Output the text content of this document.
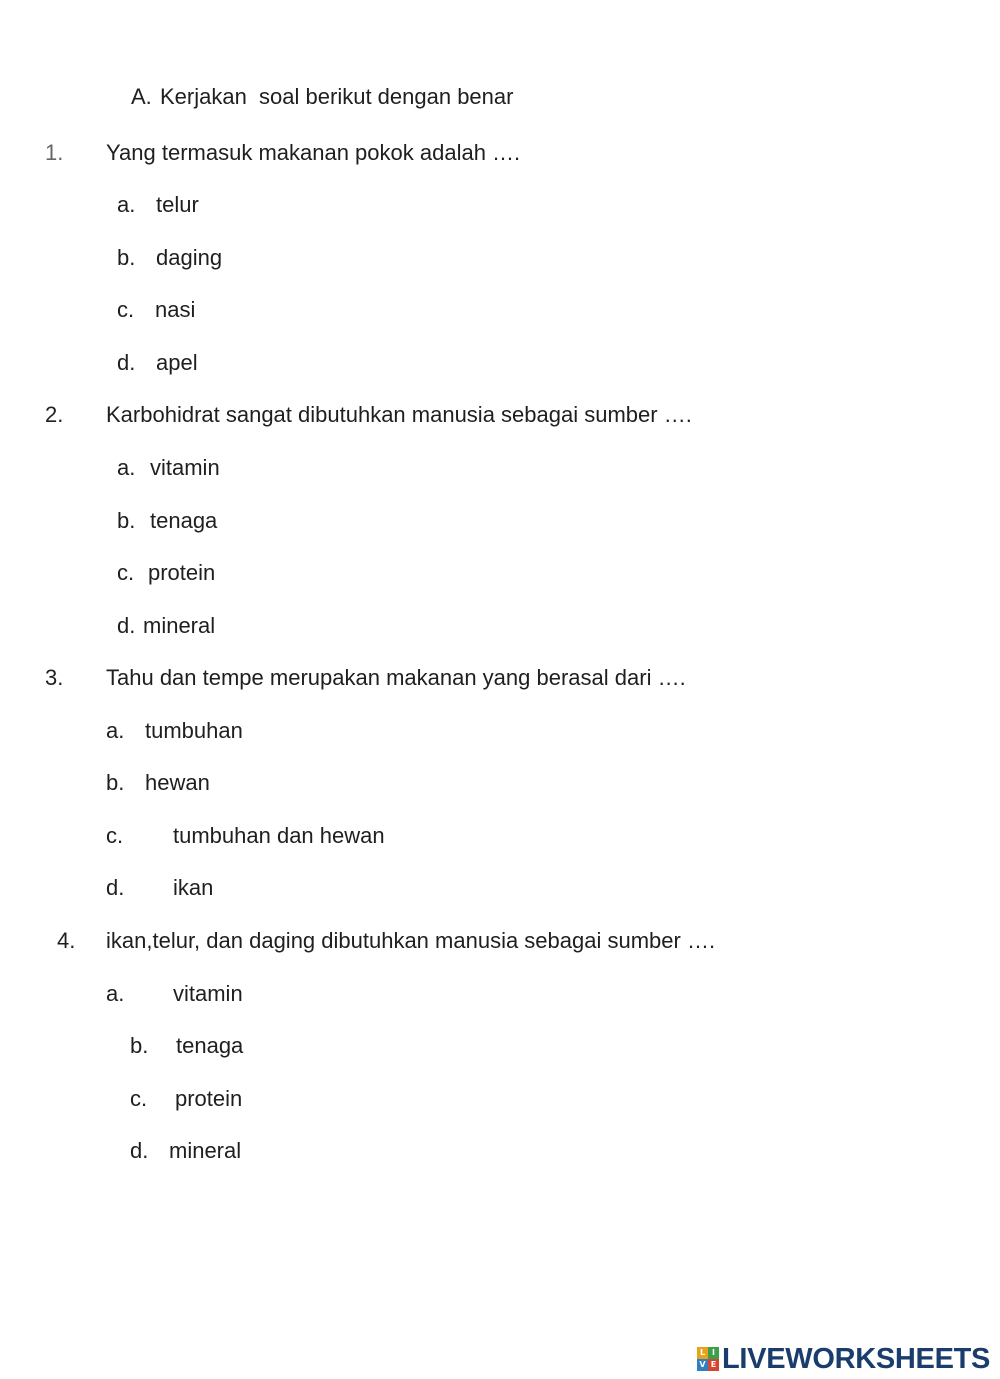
A. Kerjakan  soal berikut dengan benar
1. Yang termasuk makanan pokok adalah ….
a. telur
b. daging
c. nasi
d. apel
2. Karbohidrat sangat dibutuhkan manusia sebagai sumber ….
a. vitamin
b. tenaga
c. protein
d. mineral
3. Tahu dan tempe merupakan makanan yang berasal dari ….
a. tumbuhan
b. hewan
c. tumbuhan dan hewan
d. ikan
4. ikan,telur, dan daging dibutuhkan manusia sebagai sumber ….
a. vitamin
b. tenaga
c. protein
d. mineral
L I
V E LIVEWORKSHEETS
